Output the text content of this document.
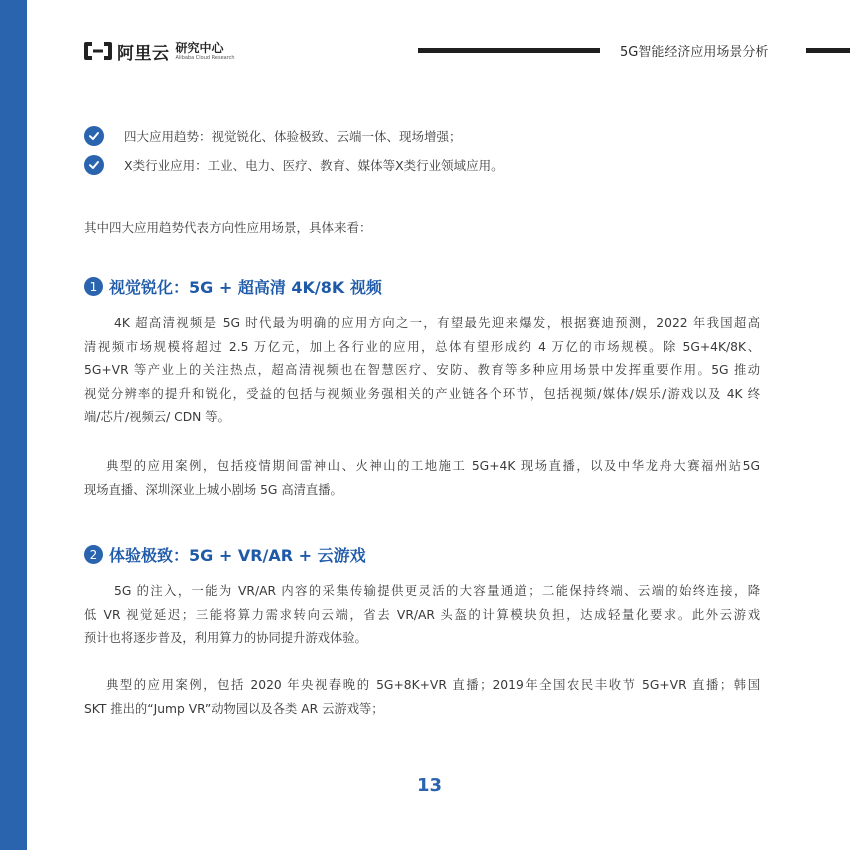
阿里云 研究中心
Alibaba Cloud Research	5G智能经济应用场景分析
四大应用趋势：视觉锐化、体验极致、云端一体、现场增强；
X类行业应用：工业、电力、医疗、教育、媒体等X类行业领域应用。
其中四大应用趋势代表方向性应用场景，具体来看：
1 视觉锐化：5G + 超高清 4K/8K 视频
4K 超高清视频是 5G 时代最为明确的应用方向之一，有望最先迎来爆发，根据赛迪预测，2022 年我国超高
清视频市场规模将超过 2.5 万亿元，加上各行业的应用，总体有望形成约 4 万亿的市场规模。除 5G+4K/8K、
5G+VR 等产业上的关注热点，超高清视频也在智慧医疗、安防、教育等多种应用场景中发挥重要作用。5G 推动
视觉分辨率的提升和锐化，受益的包括与视频业务强相关的产业链各个环节，包括视频/媒体/娱乐/游戏以及 4K 终
端/芯片/视频云/ CDN 等。
典型的应用案例，包括疫情期间雷神山、火神山的工地施工 5G+4K 现场直播，以及中华龙舟大赛福州站5G
现场直播、深圳深业上城小剧场 5G 高清直播。
2 体验极致：5G + VR/AR + 云游戏
5G 的注入，一能为 VR/AR 内容的采集传输提供更灵活的大容量通道；二能保持终端、云端的始终连接，降
低 VR 视觉延迟；三能将算力需求转向云端，省去 VR/AR 头盔的计算模块负担，达成轻量化要求。此外云游戏
预计也将逐步普及，利用算力的协同提升游戏体验。
典型的应用案例，包括 2020 年央视春晚的 5G+8K+VR 直播；2019年全国农民丰收节 5G+VR 直播；韩国
SKT 推出的“Jump VR”动物园以及各类 AR 云游戏等；
13
